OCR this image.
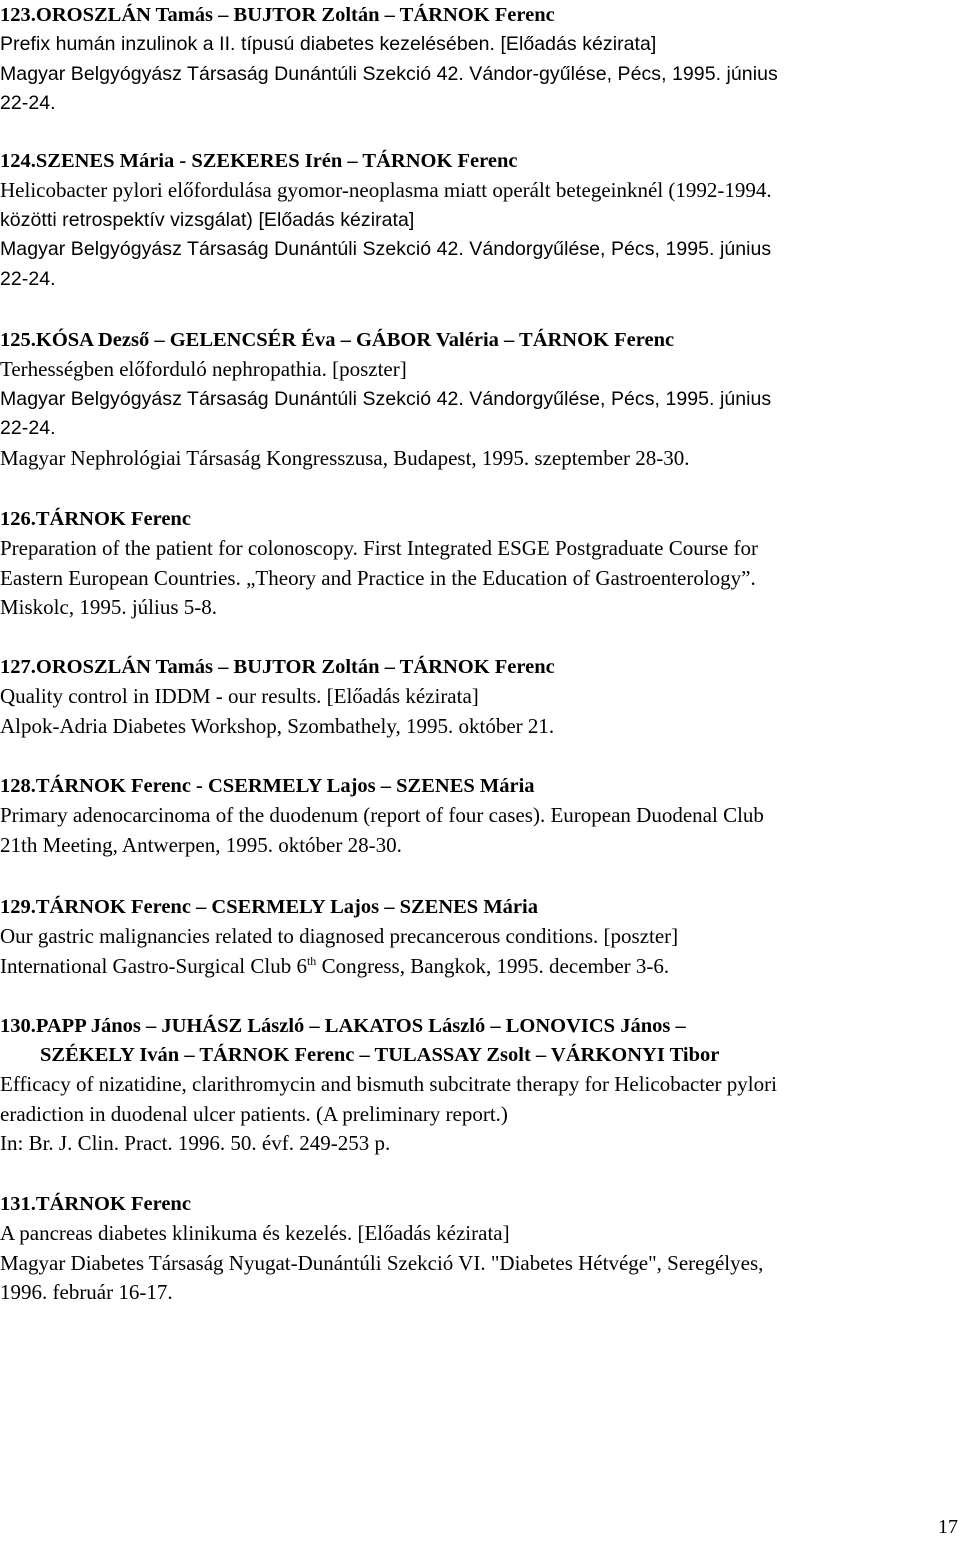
123.OROSZLÁN Tamás – BUJTOR Zoltán – TÁRNOK Ferenc
Prefix humán inzulinok a II. típusú diabetes kezelésében. [Előadás kézirata]
Magyar Belgyógyász Társaság Dunántúli Szekció 42. Vándor-gyűlése, Pécs, 1995. június
22-24.
124.SZENES Mária - SZEKERES Irén – TÁRNOK Ferenc
Helicobacter pylori előfordulása gyomor-neoplasma miatt operált betegeinknél (1992-1994.
közötti retrospektív vizsgálat) [Előadás kézirata]
Magyar Belgyógyász Társaság Dunántúli Szekció 42. Vándorgyűlése, Pécs, 1995. június
22-24.
125.KÓSA Dezső – GELENCSÉR Éva – GÁBOR Valéria – TÁRNOK Ferenc
Terhességben előforduló nephropathia. [poszter]
Magyar Belgyógyász Társaság Dunántúli Szekció 42. Vándorgyűlése, Pécs, 1995. június
22-24.
Magyar Nephrológiai Társaság Kongresszusa, Budapest, 1995. szeptember 28-30.
126.TÁRNOK Ferenc
Preparation of the patient for colonoscopy. First Integrated ESGE Postgraduate Course for
Eastern European Countries. „Theory and Practice in the Education of Gastroenterology”.
Miskolc, 1995. július 5-8.
127.OROSZLÁN Tamás – BUJTOR Zoltán – TÁRNOK Ferenc
Quality control in IDDM - our results. [Előadás kézirata]
Alpok-Adria Diabetes Workshop, Szombathely, 1995. október 21.
128.TÁRNOK Ferenc - CSERMELY Lajos – SZENES Mária
Primary adenocarcinoma of the duodenum (report of four cases). European Duodenal Club
21th Meeting, Antwerpen, 1995. október 28-30.
129.TÁRNOK Ferenc – CSERMELY Lajos – SZENES Mária
Our gastric malignancies related to diagnosed precancerous conditions. [poszter]
International Gastro-Surgical Club 6th Congress, Bangkok, 1995. december 3-6.
130.PAPP János – JUHÁSZ László – LAKATOS László – LONOVICS János –
SZÉKELY Iván – TÁRNOK Ferenc – TULASSAY Zsolt – VÁRKONYI Tibor
Efficacy of nizatidine, clarithromycin and bismuth subcitrate therapy for Helicobacter pylori
eradiction in duodenal ulcer patients. (A preliminary report.)
In: Br. J. Clin. Pract. 1996. 50. évf. 249-253 p.
131.TÁRNOK Ferenc
A pancreas diabetes klinikuma és kezelés. [Előadás kézirata]
Magyar Diabetes Társaság Nyugat-Dunántúli Szekció VI. "Diabetes Hétvége", Seregélyes,
1996. február 16-17.
17
